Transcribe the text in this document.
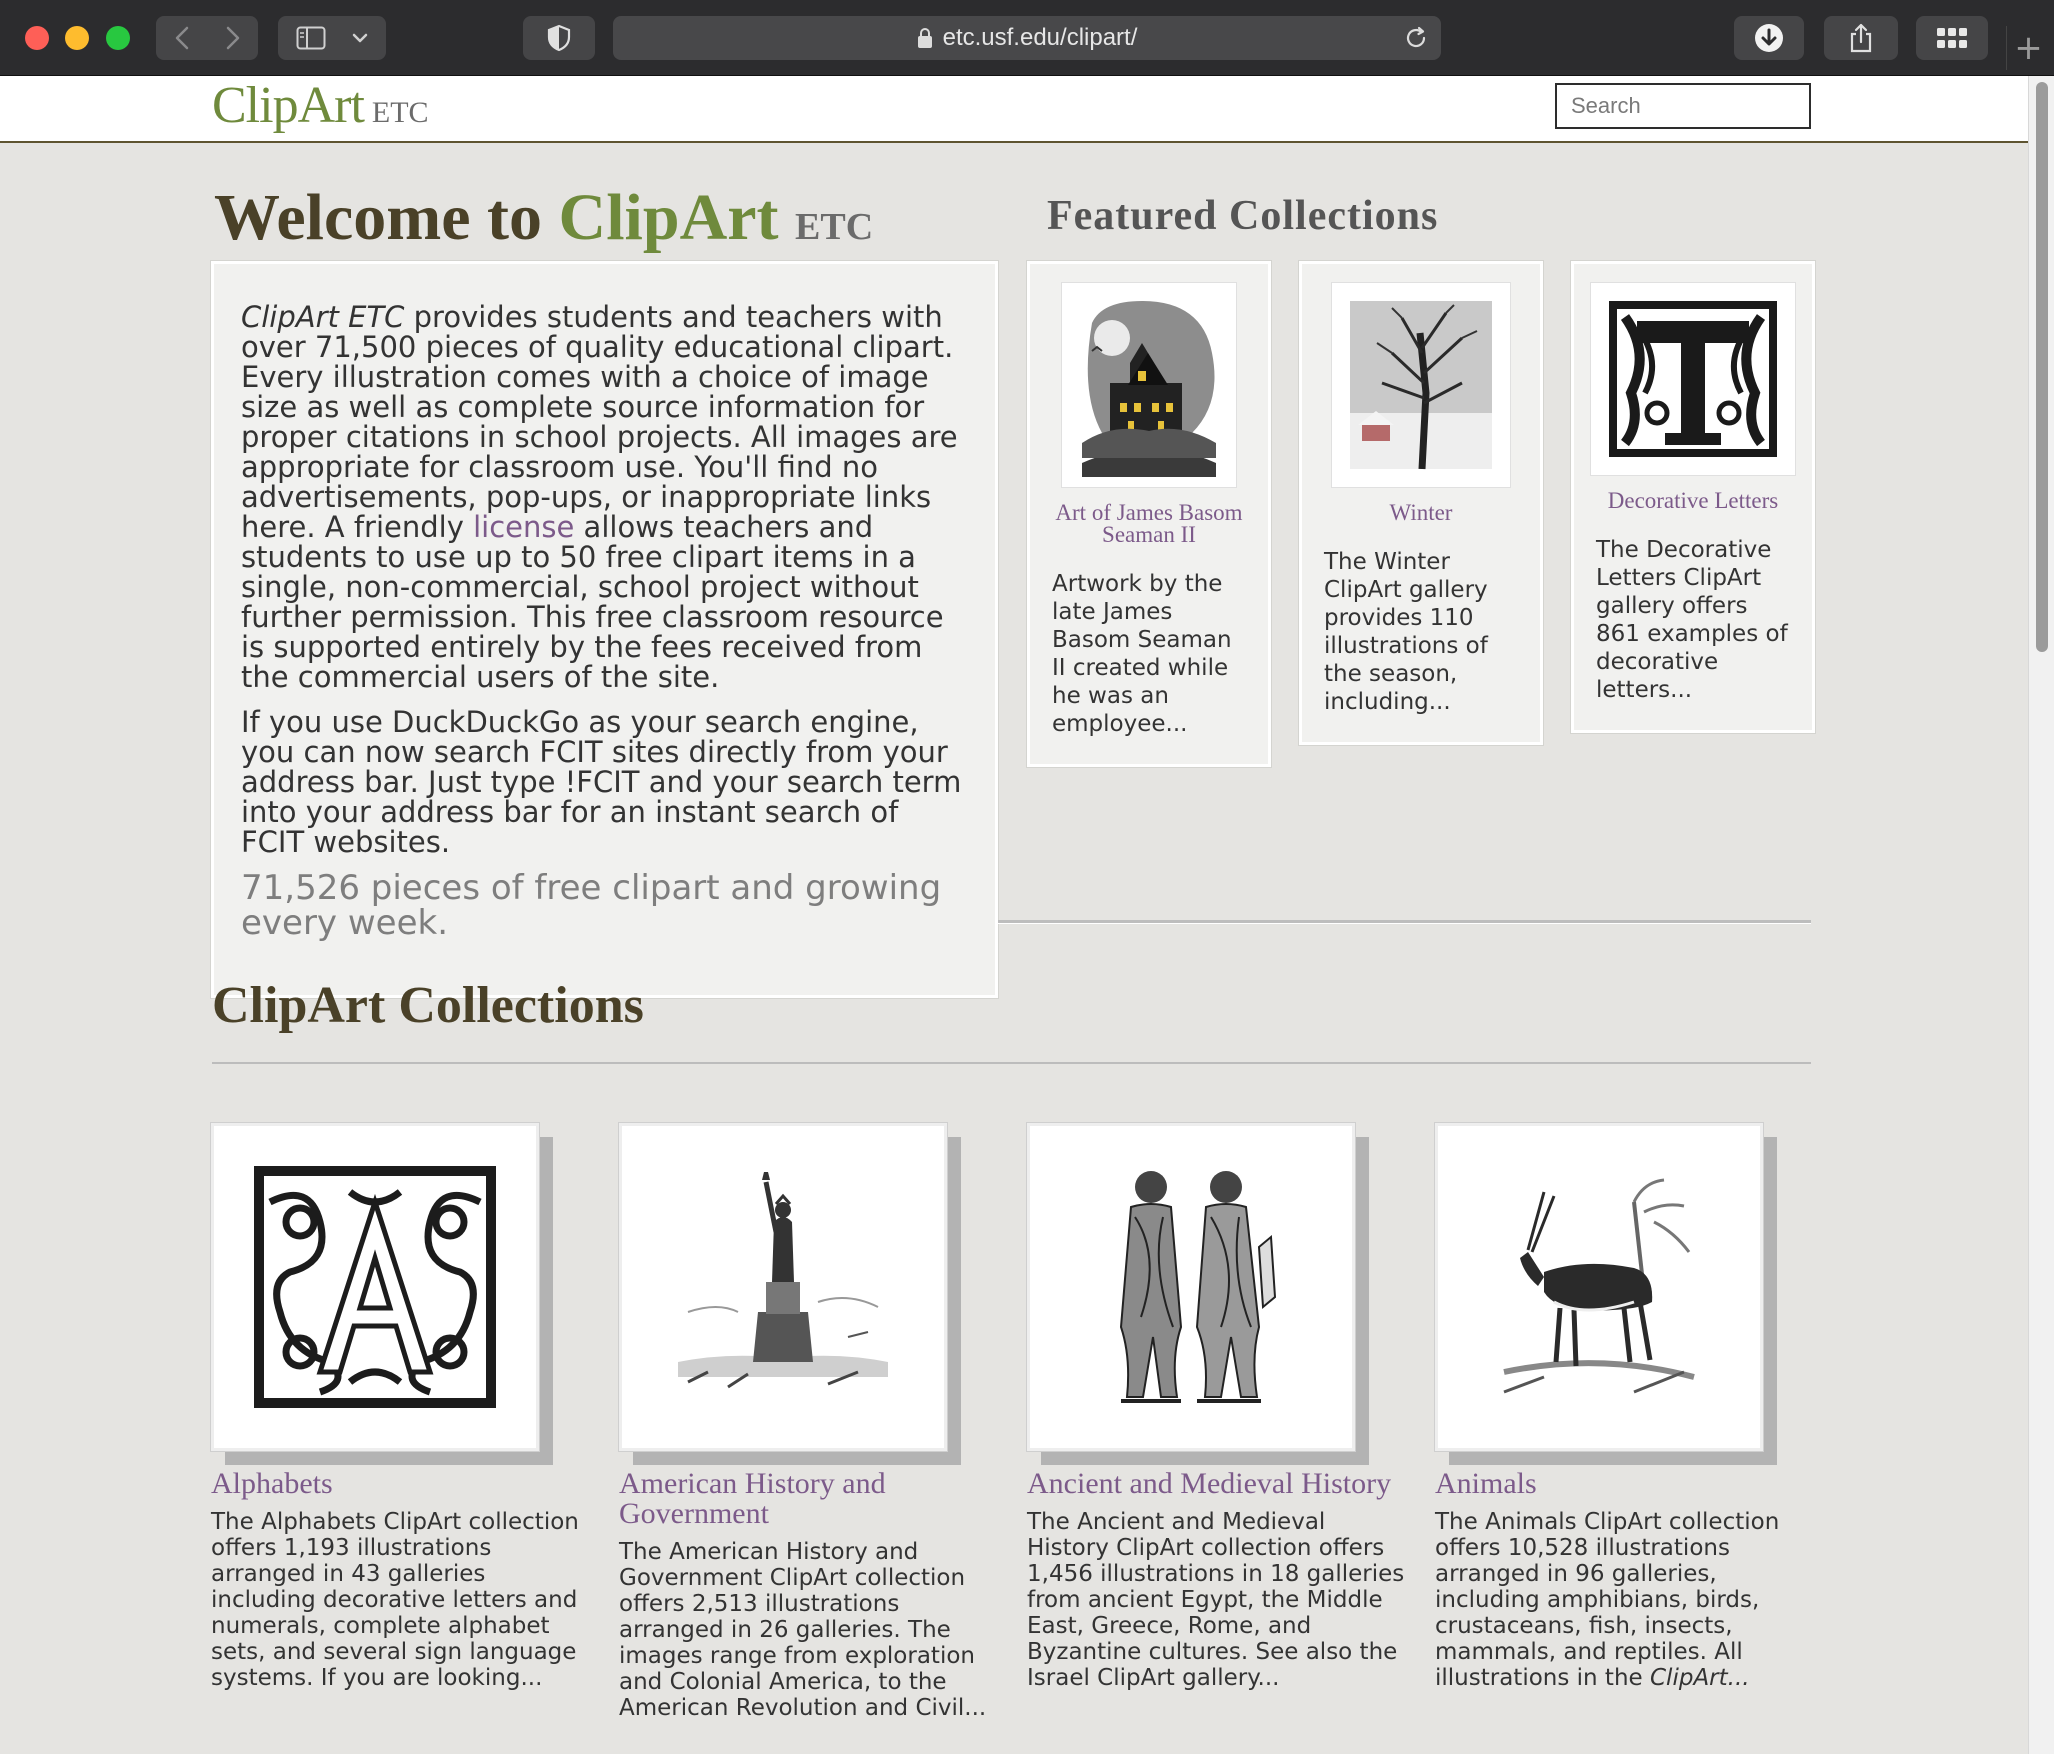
etc.usf.edu/clipart/	+
ClipArt ETC
Search
Welcome to ClipArt ETC

ClipArt ETC provides students and teachers with over 71,500 pieces of quality educational clipart. Every illustration comes with a choice of image size as well as complete source information for proper citations in school projects. All images are appropriate for classroom use. You'll find no advertisements, pop-ups, or inappropriate links here. A friendly license allows teachers and students to use up to 50 free clipart items in a single, non-commercial, school project without further permission. This free classroom resource is supported entirely by the fees received from the commercial users of the site.

If you use DuckDuckGo as your search engine, you can now search FCIT sites directly from your address bar. Just type !FCIT and your search term into your address bar for an instant search of FCIT websites.

71,526 pieces of free clipart and growing every week.

Featured Collections
Art of James Basom Seaman II
Artwork by the late James Basom Seaman II created while he was an employee...
Winter
The Winter ClipArt gallery provides 110 illustrations of the season, including...
Decorative Letters
The Decorative Letters ClipArt gallery offers 861 examples of decorative letters...
ClipArt Collections
Alphabets
The Alphabets ClipArt collection offers 1,193 illustrations arranged in 43 galleries including decorative letters and numerals, complete alphabet sets, and several sign language systems. If you are looking...
American History and Government
The American History and Government ClipArt collection offers 2,513 illustrations arranged in 26 galleries. The images range from exploration and Colonial America, to the American Revolution and Civil...
Ancient and Medieval History
The Ancient and Medieval History ClipArt collection offers 1,456 illustrations in 18 galleries from ancient Egypt, the Middle East, Greece, Rome, and Byzantine cultures. See also the Israel ClipArt gallery...
Animals
The Animals ClipArt collection offers 10,528 illustrations arranged in 96 galleries, including amphibians, birds, crustaceans, fish, insects, mammals, and reptiles. All illustrations in the ClipArt...
